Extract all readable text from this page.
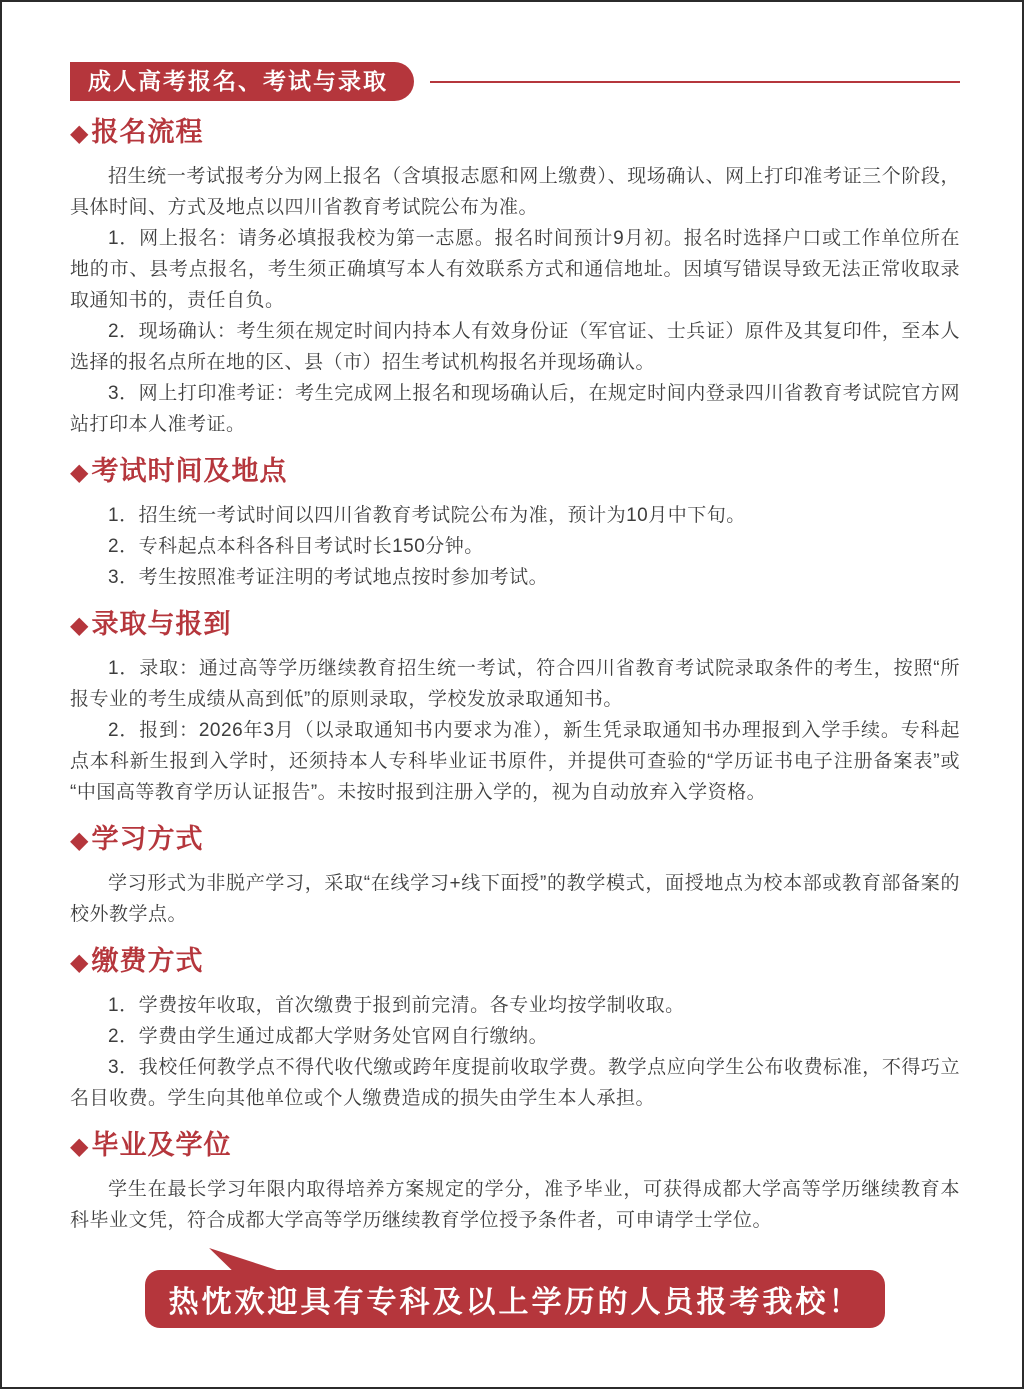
成人高考报名、考试与录取
◆报名流程

招生统一考试报考分为网上报名（含填报志愿和网上缴费）、现场确认、网上打印准考证三个阶段，具体时间、方式及地点以四川省教育考试院公布为准。

1．网上报名：请务必填报我校为第一志愿。报名时间预计9月初。报名时选择户口或工作单位所在地的市、县考点报名，考生须正确填写本人有效联系方式和通信地址。因填写错误导致无法正常收取录取通知书的，责任自负。

2．现场确认：考生须在规定时间内持本人有效身份证（军官证、士兵证）原件及其复印件，至本人选择的报名点所在地的区、县（市）招生考试机构报名并现场确认。

3．网上打印准考证：考生完成网上报名和现场确认后，在规定时间内登录四川省教育考试院官方网站打印本人准考证。

◆考试时间及地点

1．招生统一考试时间以四川省教育考试院公布为准，预计为10月中下旬。

2．专科起点本科各科目考试时长150分钟。

3．考生按照准考证注明的考试地点按时参加考试。

◆录取与报到

1．录取：通过高等学历继续教育招生统一考试，符合四川省教育考试院录取条件的考生，按照“所报专业的考生成绩从高到低”的原则录取，学校发放录取通知书。

2．报到：2026年3月（以录取通知书内要求为准），新生凭录取通知书办理报到入学手续。专科起点本科新生报到入学时，还须持本人专科毕业证书原件，并提供可查验的“学历证书电子注册备案表”或“中国高等教育学历认证报告”。未按时报到注册入学的，视为自动放弃入学资格。

◆学习方式

学习形式为非脱产学习，采取“在线学习+线下面授”的教学模式，面授地点为校本部或教育部备案的校外教学点。

◆缴费方式

1．学费按年收取，首次缴费于报到前完清。各专业均按学制收取。

2．学费由学生通过成都大学财务处官网自行缴纳。

3．我校任何教学点不得代收代缴或跨年度提前收取学费。教学点应向学生公布收费标准，不得巧立名目收费。学生向其他单位或个人缴费造成的损失由学生本人承担。

◆毕业及学位

学生在最长学习年限内取得培养方案规定的学分，准予毕业，可获得成都大学高等学历继续教育本科毕业文凭，符合成都大学高等学历继续教育学位授予条件者，可申请学士学位。

热忱欢迎具有专科及以上学历的人员报考我校！
